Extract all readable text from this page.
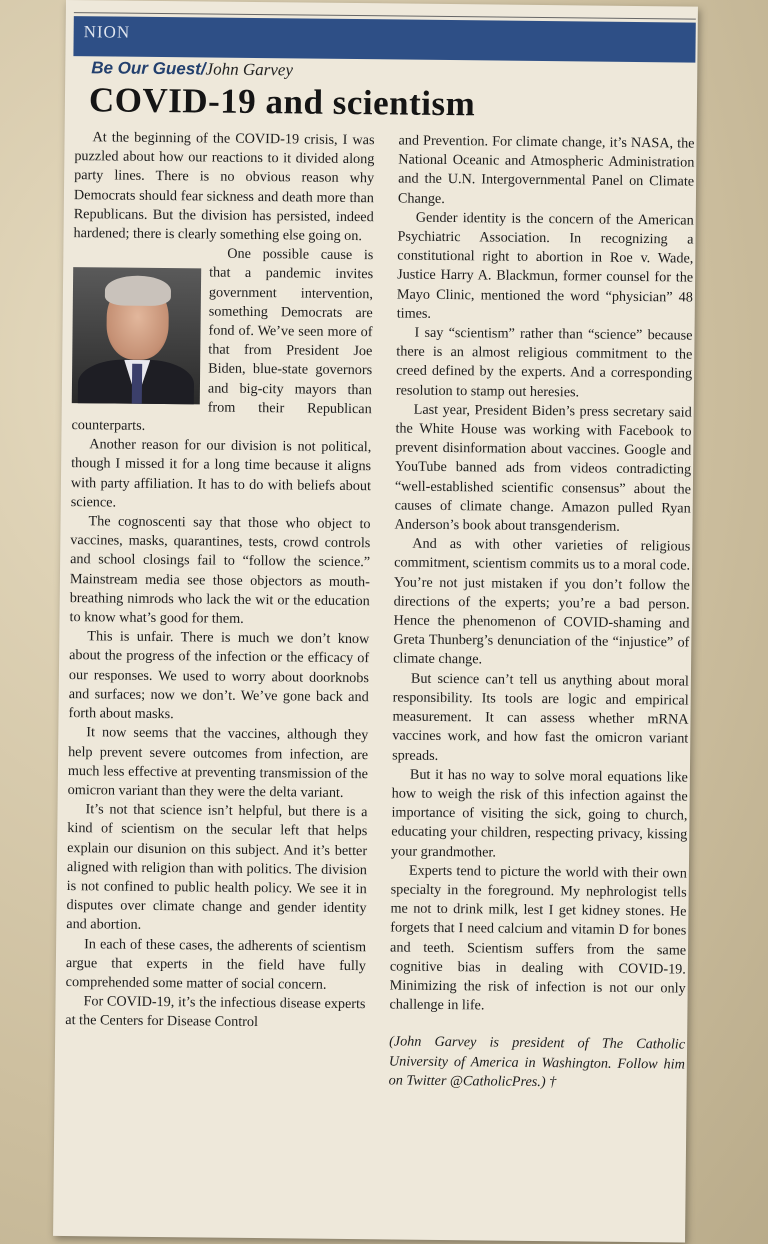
NION
Be Our Guest/John Garvey
COVID-19 and scientism

At the beginning of the COVID-19 crisis, I was puzzled about how our reactions to it divided along party lines. There is no obvious reason why Democrats should fear sickness and death more than Republicans. But the division has persisted, indeed hardened; there is clearly something else going on.

One possible cause is that a pandemic invites government intervention, something Democrats are fond of. We’ve seen more of that from President Joe Biden, blue-state governors and big-city mayors than from their Republican counterparts.

Another reason for our division is not political, though I missed it for a long time because it aligns with party affiliation. It has to do with beliefs about science.

The cognoscenti say that those who object to vaccines, masks, quarantines, tests, crowd controls and school closings fail to “follow the science.” Mainstream media see those objectors as mouth-breathing nimrods who lack the wit or the education to know what’s good for them.

This is unfair. There is much we don’t know about the progress of the infection or the efficacy of our responses. We used to worry about doorknobs and surfaces; now we don’t. We’ve gone back and forth about masks.

It now seems that the vaccines, although they help prevent severe outcomes from infection, are much less effective at preventing transmission of the omicron variant than they were the delta variant.

It’s not that science isn’t helpful, but there is a kind of scientism on the secular left that helps explain our disunion on this subject. And it’s better aligned with religion than with politics. The division is not confined to public health policy. We see it in disputes over climate change and gender identity and abortion.

In each of these cases, the adherents of scientism argue that experts in the field have fully comprehended some matter of social concern.

For COVID-19, it’s the infectious disease experts at the Centers for Disease Control

and Prevention. For climate change, it’s NASA, the National Oceanic and Atmospheric Administration and the U.N. Intergovernmental Panel on Climate Change.

Gender identity is the concern of the American Psychiatric Association. In recognizing a constitutional right to abortion in Roe v. Wade, Justice Harry A. Blackmun, former counsel for the Mayo Clinic, mentioned the word “physician” 48 times.

I say “scientism” rather than “science” because there is an almost religious commitment to the creed defined by the experts. And a corresponding resolution to stamp out heresies.

Last year, President Biden’s press secretary said the White House was working with Facebook to prevent disinformation about vaccines. Google and YouTube banned ads from videos contradicting “well-established scientific consensus” about the causes of climate change. Amazon pulled Ryan Anderson’s book about transgenderism.

And as with other varieties of religious commitment, scientism commits us to a moral code. You’re not just mistaken if you don’t follow the directions of the experts; you’re a bad person. Hence the phenomenon of COVID-shaming and Greta Thunberg’s denunciation of the “injustice” of climate change.

But science can’t tell us anything about moral responsibility. Its tools are logic and empirical measurement. It can assess whether mRNA vaccines work, and how fast the omicron variant spreads.

But it has no way to solve moral equations like how to weigh the risk of this infection against the importance of visiting the sick, going to church, educating your children, respecting privacy, kissing your grandmother.

Experts tend to picture the world with their own specialty in the foreground. My nephrologist tells me not to drink milk, lest I get kidney stones. He forgets that I need calcium and vitamin D for bones and teeth. Scientism suffers from the same cognitive bias in dealing with COVID-19. Minimizing the risk of infection is not our only challenge in life.

(John Garvey is president of The Catholic University of America in Washington. Follow him on Twitter @CatholicPres.) †
